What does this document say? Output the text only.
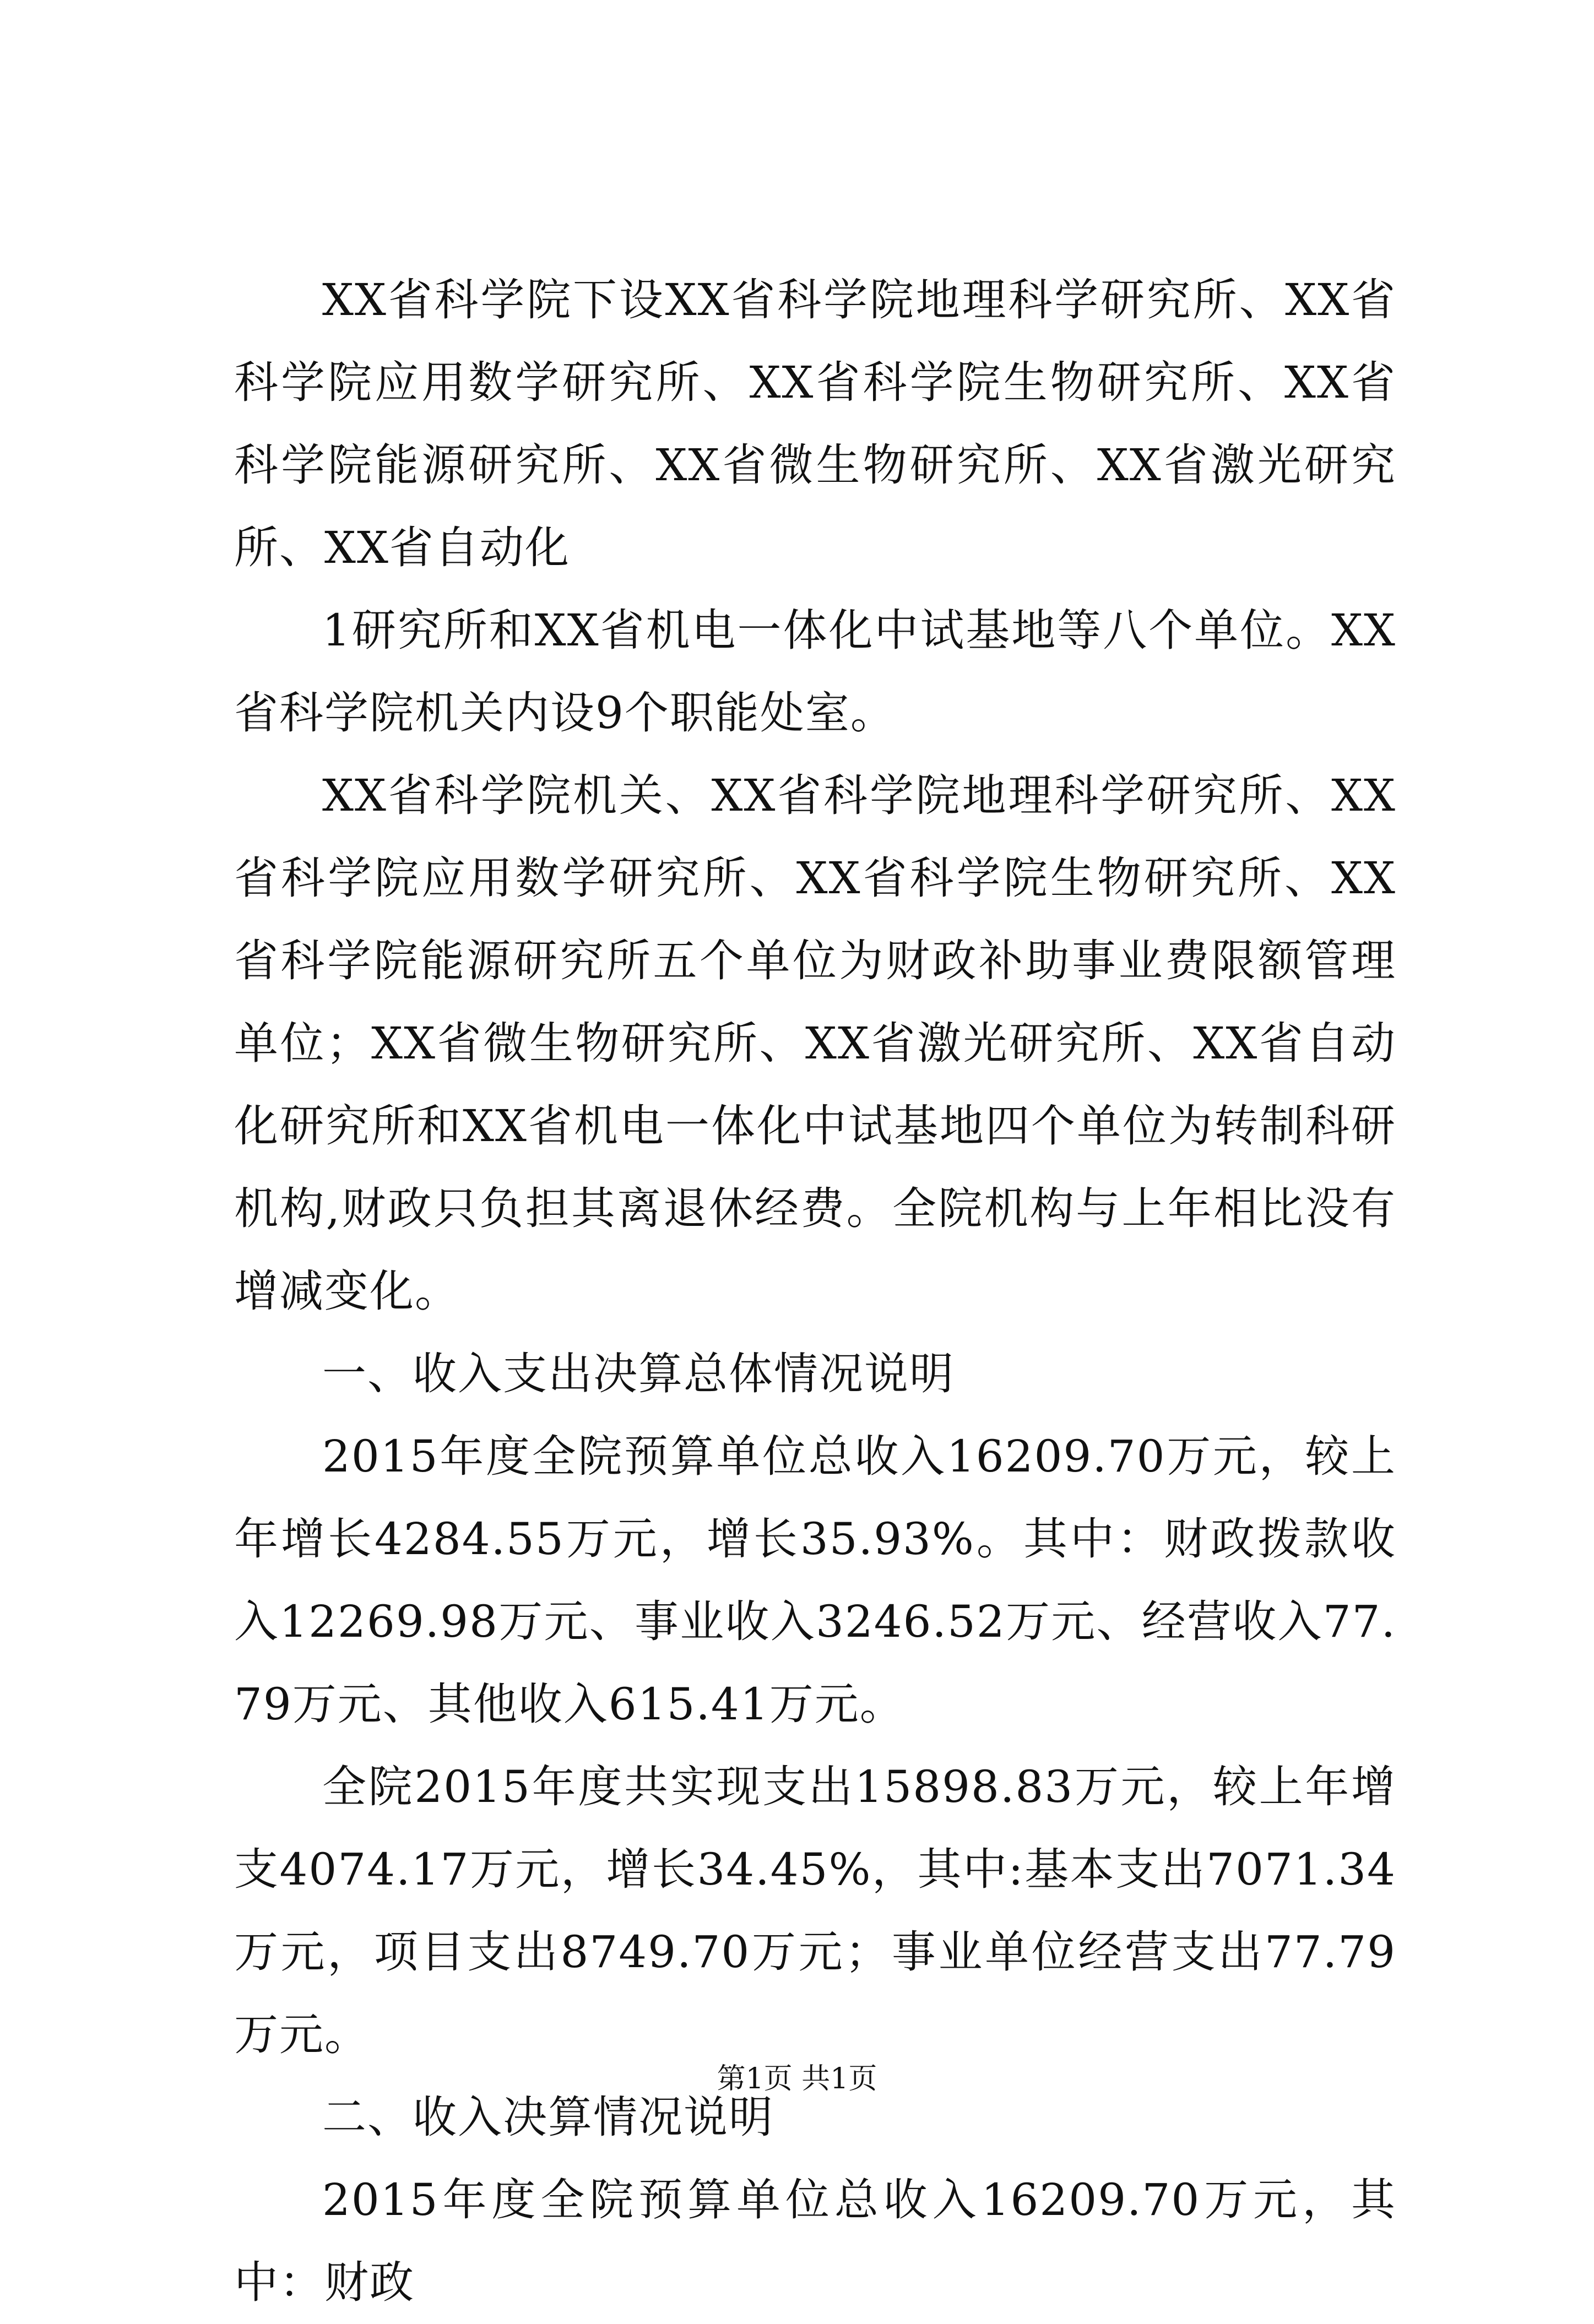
XX省科学院下设XX省科学院地理科学研究所、XX省科学院应用数学研究所、XX省科学院生物研究所、XX省科学院能源研究所、XX省微生物研究所、XX省激光研究所、XX省自动化

1研究所和XX省机电一体化中试基地等八个单位。XX省科学院机关内设9个职能处室。

XX省科学院机关、XX省科学院地理科学研究所、XX省科学院应用数学研究所、XX省科学院生物研究所、XX省科学院能源研究所五个单位为财政补助事业费限额管理单位；XX省微生物研究所、XX省激光研究所、XX省自动化研究所和XX省机电一体化中试基地四个单位为转制科研机构,财政只负担其离退休经费。全院机构与上年相比没有增减变化。

一、收入支出决算总体情况说明

2015年度全院预算单位总收入16209.70万元，较上年增长4284.55万元，增长35.93%。其中：财政拨款收入12269.98万元、事业收入3246.52万元、经营收入77.79万元、其他收入615.41万元。

全院2015年度共实现支出15898.83万元，较上年增支4074.17万元，增长34.45%，其中:基本支出7071.34万元，项目支出8749.70万元；事业单位经营支出77.79万元。

二、收入决算情况说明

2015年度全院预算单位总收入16209.70万元，其中：财政

第1页 共1页
